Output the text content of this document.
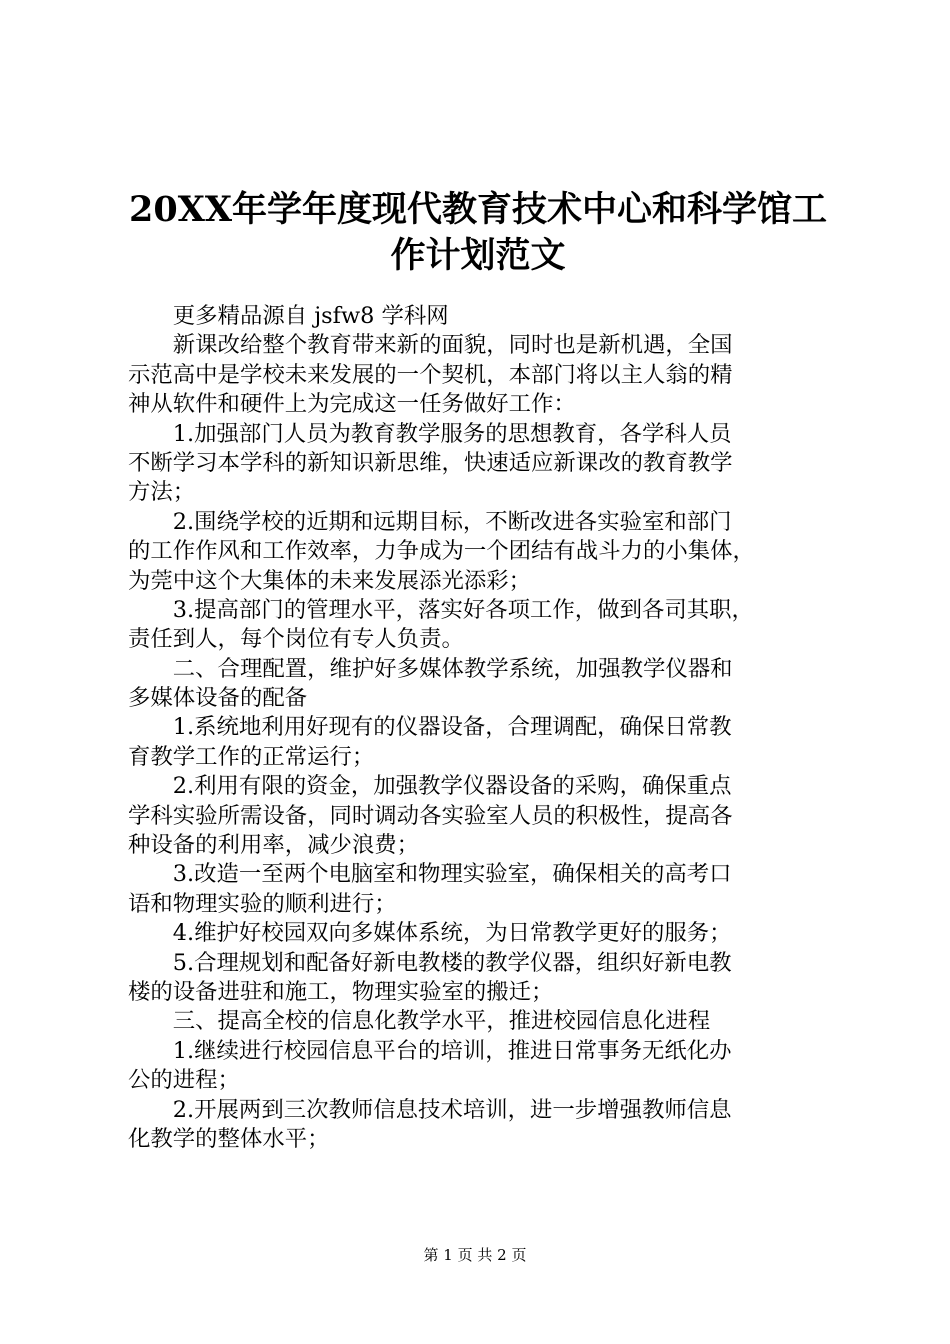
20XX年学年度现代教育技术中心和科学馆工
作计划范文
　　更多精品源自 jsfw8 学科网
　　新课改给整个教育带来新的面貌，同时也是新机遇，全国
示范高中是学校未来发展的一个契机，本部门将以主人翁的精
神从软件和硬件上为完成这一任务做好工作：
　　1.加强部门人员为教育教学服务的思想教育，各学科人员
不断学习本学科的新知识新思维，快速适应新课改的教育教学
方法；
　　2.围绕学校的近期和远期目标，不断改进各实验室和部门
的工作作风和工作效率，力争成为一个团结有战斗力的小集体，
为莞中这个大集体的未来发展添光添彩；
　　3.提高部门的管理水平，落实好各项工作，做到各司其职，
责任到人，每个岗位有专人负责。
　　二、合理配置，维护好多媒体教学系统，加强教学仪器和
多媒体设备的配备
　　1.系统地利用好现有的仪器设备，合理调配，确保日常教
育教学工作的正常运行；
　　2.利用有限的资金，加强教学仪器设备的采购，确保重点
学科实验所需设备，同时调动各实验室人员的积极性，提高各
种设备的利用率，减少浪费；
　　3.改造一至两个电脑室和物理实验室，确保相关的高考口
语和物理实验的顺利进行；
　　4.维护好校园双向多媒体系统，为日常教学更好的服务；
　　5.合理规划和配备好新电教楼的教学仪器，组织好新电教
楼的设备进驻和施工，物理实验室的搬迁；
　　三、提高全校的信息化教学水平，推进校园信息化进程
　　1.继续进行校园信息平台的培训，推进日常事务无纸化办
公的进程；
　　2.开展两到三次教师信息技术培训，进一步增强教师信息
化教学的整体水平；
第 1 页 共 2 页
